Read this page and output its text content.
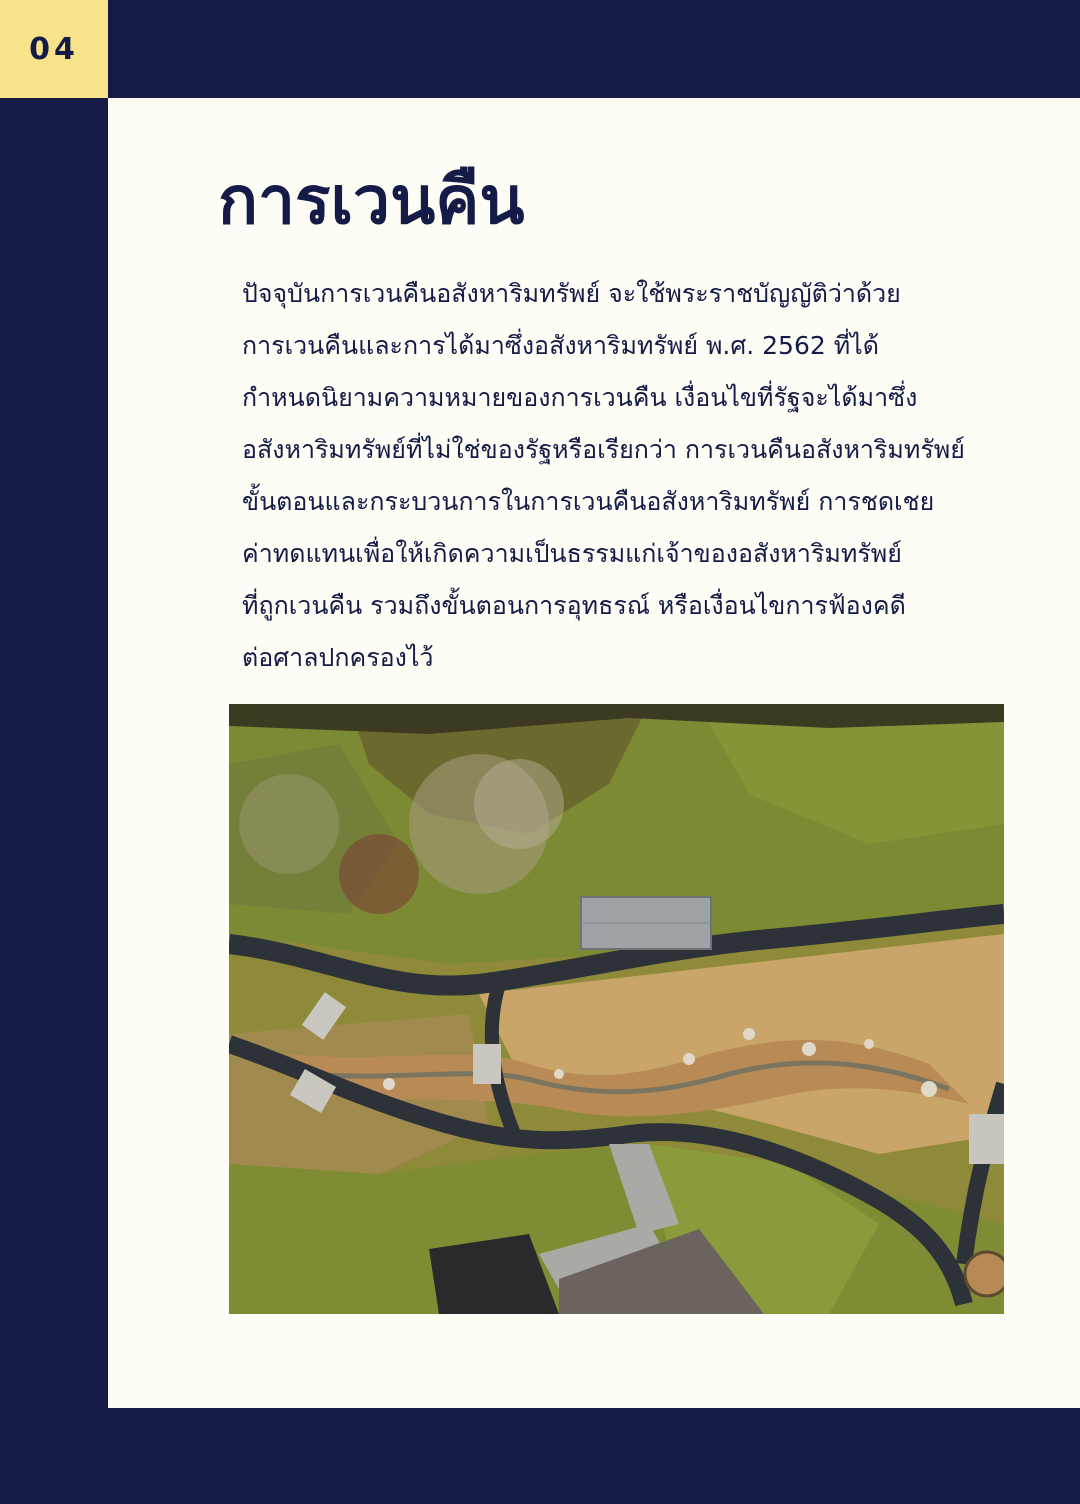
04
การเวนคืน

ปัจจุบันการเวนคืนอสังหาริมทรัพย์ จะใช้พระราชบัญญัติว่าด้วย
การเวนคืนและการได้มาซึ่งอสังหาริมทรัพย์ พ.ศ. 2562 ที่ได้
กำหนดนิยามความหมายของการเวนคืน เงื่อนไขที่รัฐจะได้มาซึ่ง
อสังหาริมทรัพย์ที่ไม่ใช่ของรัฐหรือเรียกว่า การเวนคืนอสังหาริมทรัพย์
ขั้นตอนและกระบวนการในการเวนคืนอสังหาริมทรัพย์ การชดเชย
ค่าทดแทนเพื่อให้เกิดความเป็นธรรมแก่เจ้าของอสังหาริมทรัพย์
ที่ถูกเวนคืน รวมถึงขั้นตอนการอุทธรณ์ หรือเงื่อนไขการฟ้องคดี
ต่อศาลปกครองไว้
